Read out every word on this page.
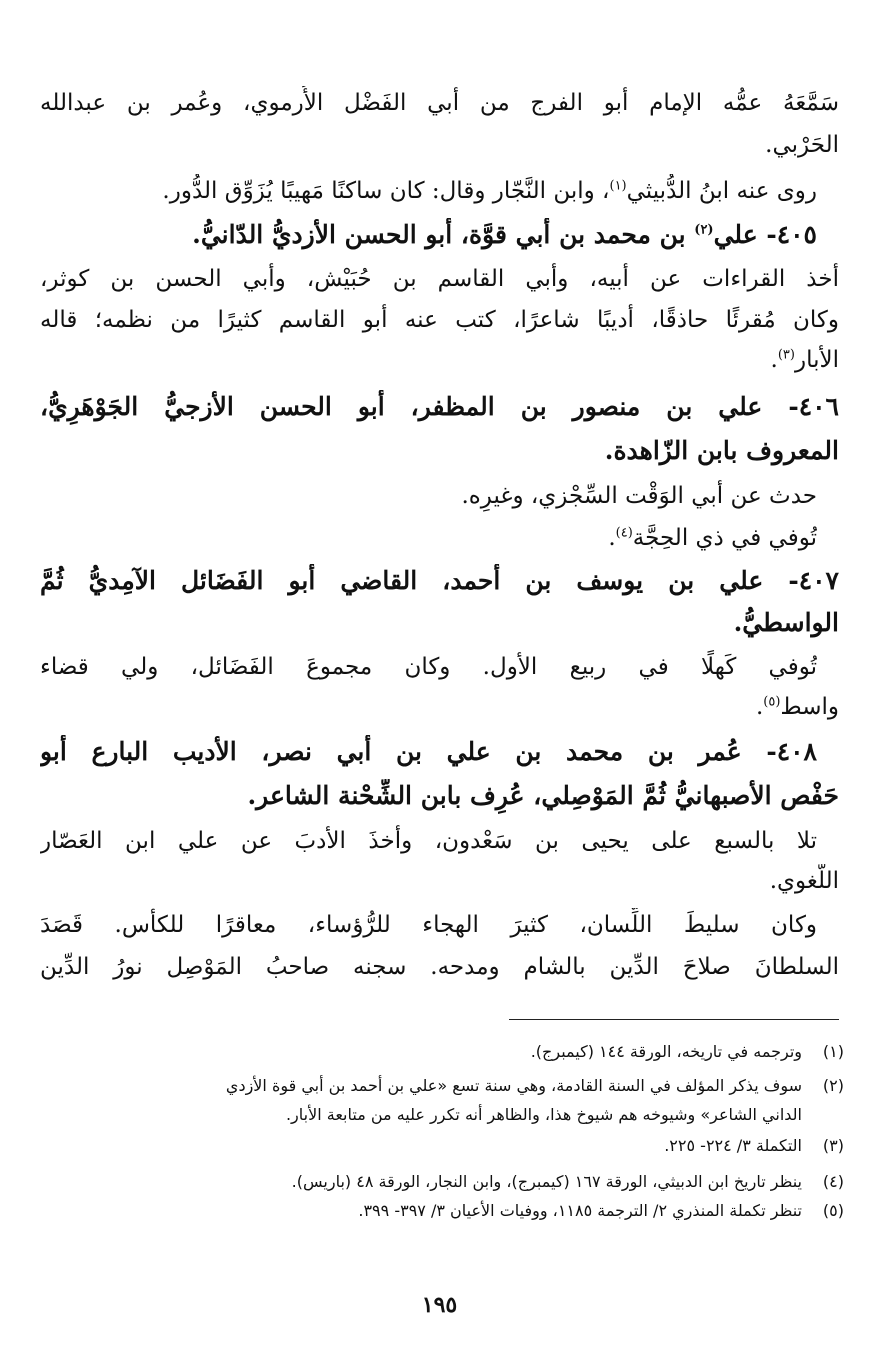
سَمَّعَهُ عمُّه الإمام أبو الفرج من أبي الفَضْل الأُرموي، وعُمر بن عبدالله
الحَرْبي.
روى عنه ابنُ الدُّبيثي$^{(١)}$، وابن النَّجّار وقال: كان ساكنًا مَهيبًا يُزَوِّق الدُّور.
٤٠٥- علي$^{(٢)}$ بن محمد بن أبي قوَّة، أبو الحسن الأزديُّ الدّانيُّ.
أخذ القراءات عن أبيه، وأبي القاسم بن حُبَيْش، وأبي الحسن بن كوثر،
وكان مُقرئًا حاذقًا، أديبًا شاعرًا، كتب عنه أبو القاسم كثيرًا من نظمه؛ قاله
الأبار$^{(٣)}$.
٤٠٦- علي بن منصور بن المظفر، أبو الحسن الأزجيُّ الجَوْهَرِيُّ،
المعروف بابن الزّاهدة.
حدث عن أبي الوَقْت السِّجْزي، وغيرِه.
تُوفي في ذي الحِجَّة$^{(٤)}$.
٤٠٧- علي بن يوسف بن أحمد، القاضي أبو الفَضَائل الآمِديُّ ثُمَّ
الواسطيُّ.
تُوفي كَهلًا في ربيع الأول. وكان مجموعَ الفَضَائل، ولي قضاء
واسط$^{(٥)}$.
٤٠٨- عُمر بن محمد بن علي بن أبي نصر، الأديب البارع أبو
حَفْص الأصبهانيُّ ثُمَّ المَوْصِلي، عُرِف بابن الشِّحْنة الشاعر.
تلا بالسبع على يحيى بن سَعْدون، وأخذَ الأدبَ عن علي ابن العَصّار
اللُّغوي.
وكان سليطَ اللِّسان، كثيرَ الهجاء للرُّؤساء، معاقرًا للكأس. قَصَدَ
السلطانَ صلاحَ الدِّين بالشام ومدحه. سجنه صاحبُ المَوْصِل نورُ الدِّين
(١)وترجمه في تاريخه، الورقة ١٤٤ (كيمبرج).
(٢)سوف يذكر المؤلف في السنة القادمة، وهي سنة تسع «علي بن أحمد بن أبي قوة الأزدي
الداني الشاعر» وشيوخه هم شيوخ هذا، والظاهر أنه تكرر عليه من متابعة الأبار.
(٣)التكملة ٣/ ٢٢٤- ٢٢٥.
(٤)ينظر تاريخ ابن الدبيثي، الورقة ١٦٧ (كيمبرج)، وابن النجار، الورقة ٤٨ (باريس).
(٥)تنظر تكملة المنذري ٢/ الترجمة ١١٨٥، ووفيات الأعيان ٣/ ٣٩٧- ٣٩٩.
١٩٥
